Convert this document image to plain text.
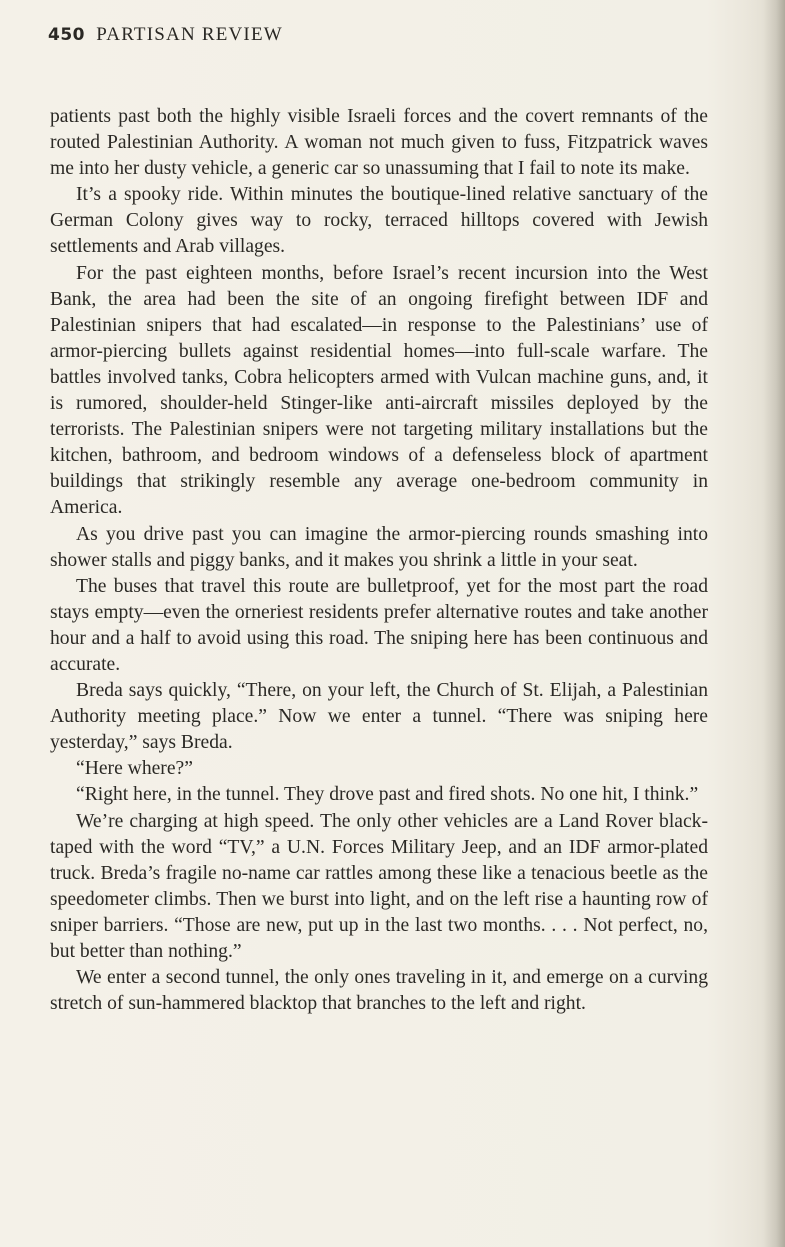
450 PARTISAN REVIEW

patients past both the highly visible Israeli forces and the covert remnants of the routed Palestinian Authority. A woman not much given to fuss, Fitzpatrick waves me into her dusty vehicle, a generic car so unassuming that I fail to note its make.

It’s a spooky ride. Within minutes the boutique-lined relative sanctuary of the German Colony gives way to rocky, terraced hilltops covered with Jewish settlements and Arab villages.

For the past eighteen months, before Israel’s recent incursion into the West Bank, the area had been the site of an ongoing firefight between IDF and Palestinian snipers that had escalated—in response to the Palestinians’ use of armor-piercing bullets against residential homes—into full-scale warfare. The battles involved tanks, Cobra helicopters armed with Vulcan machine guns, and, it is rumored, shoulder-held Stinger-like anti-aircraft missiles deployed by the terrorists. The Palestinian snipers were not targeting military installations but the kitchen, bathroom, and bedroom windows of a defenseless block of apartment buildings that strikingly resemble any average one-bedroom community in America.

As you drive past you can imagine the armor-piercing rounds smashing into shower stalls and piggy banks, and it makes you shrink a little in your seat.

The buses that travel this route are bulletproof, yet for the most part the road stays empty—even the orneriest residents prefer alternative routes and take another hour and a half to avoid using this road. The sniping here has been continuous and accurate.

Breda says quickly, “There, on your left, the Church of St. Elijah, a Palestinian Authority meeting place.” Now we enter a tunnel. “There was sniping here yesterday,” says Breda.

“Here where?”

“Right here, in the tunnel. They drove past and fired shots. No one hit, I think.”

We’re charging at high speed. The only other vehicles are a Land Rover black-taped with the word “TV,” a U.N. Forces Military Jeep, and an IDF armor-plated truck. Breda’s fragile no-name car rattles among these like a tenacious beetle as the speedometer climbs. Then we burst into light, and on the left rise a haunting row of sniper barriers. “Those are new, put up in the last two months. . . . Not perfect, no, but better than nothing.”

We enter a second tunnel, the only ones traveling in it, and emerge on a curving stretch of sun-hammered blacktop that branches to the left and right.
